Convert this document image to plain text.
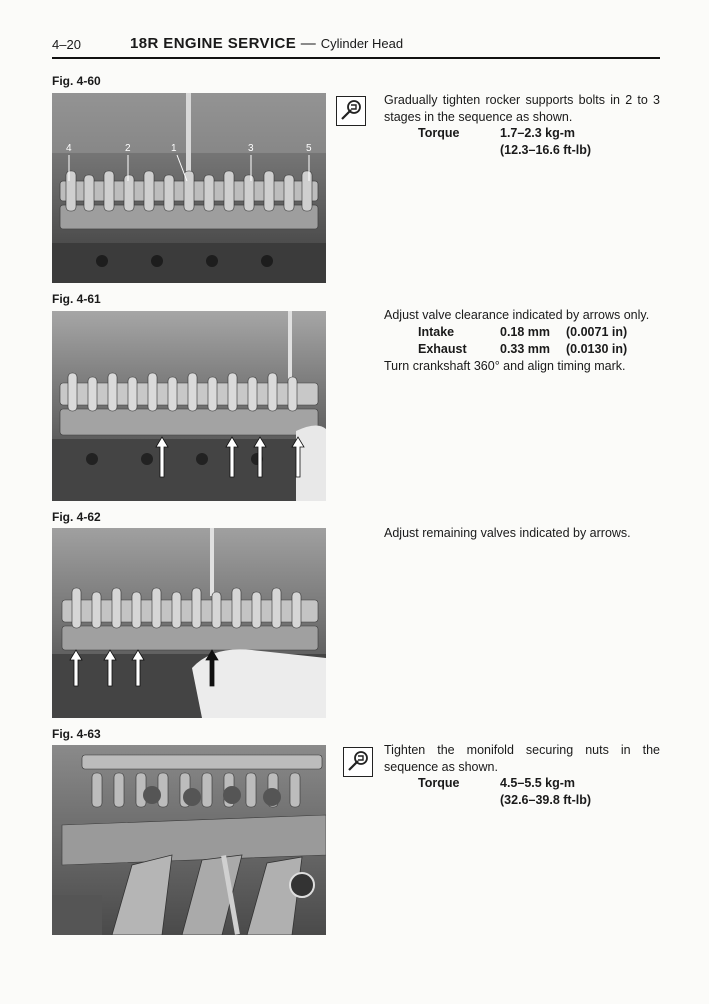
4–20	18R ENGINE SERVICE — Cylinder Head
Fig. 4-60
4	2	1	3	5

Gradually tighten rocker supports bolts in 2 to 3 stages in the sequence as shown.

Torque	1.7–2.3 kg-m
(12.3–16.6 ft-lb)
Fig. 4-61

Adjust valve clearance indicated by arrows only.

Intake	0.18 mm (0.0071 in)
Exhaust	0.33 mm (0.0130 in)

Turn crankshaft 360° and align timing mark.

Fig. 4-62

Adjust remaining valves indicated by arrows.

Fig. 4-63

Tighten the monifold securing nuts in the sequence as shown.

Torque	4.5–5.5 kg-m
(32.6–39.8 ft-lb)
